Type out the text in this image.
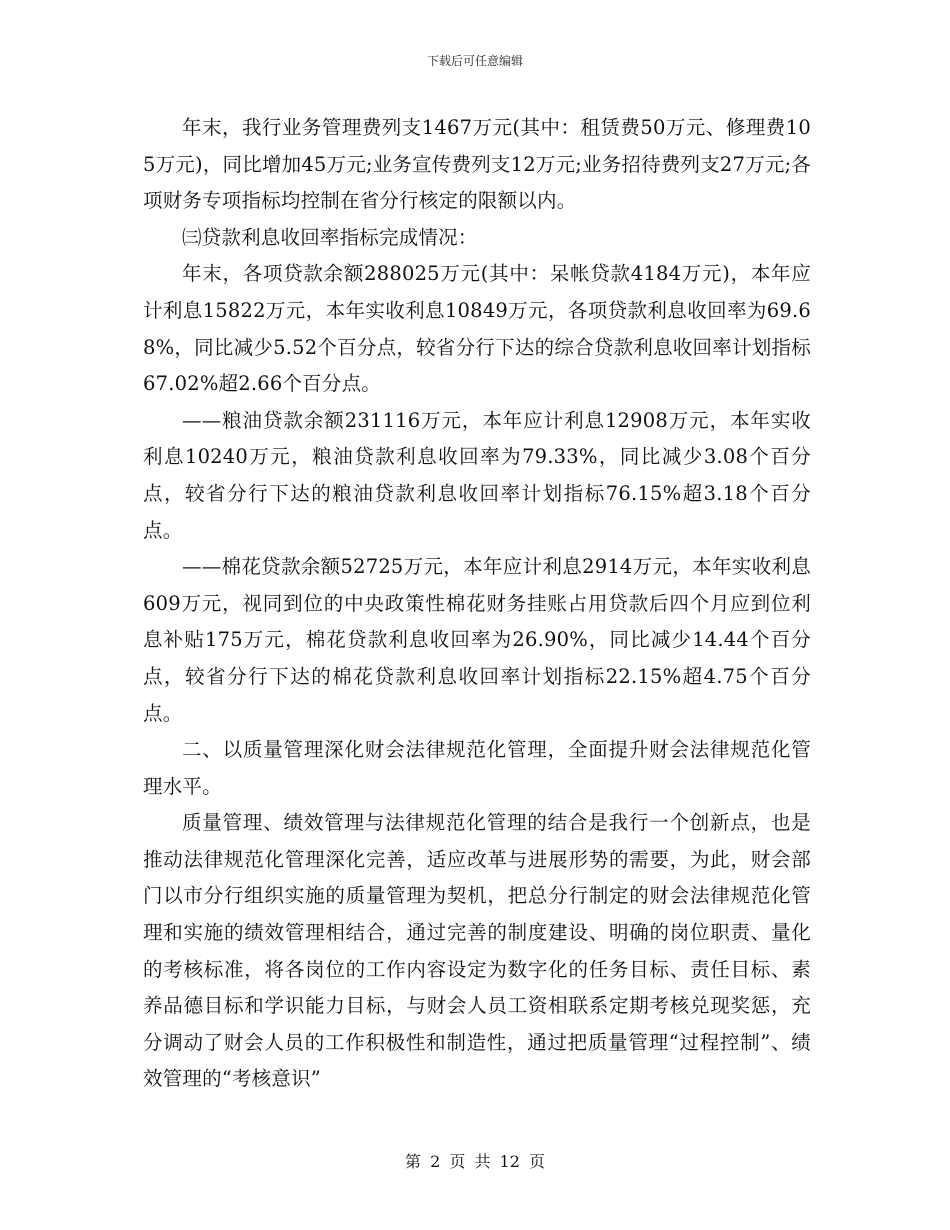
下载后可任意编辑

年末，我行业务管理费列支1467万元(其中：租赁费50万元、修理费105万元)，同比增加45万元;业务宣传费列支12万元;业务招待费列支27万元;各项财务专项指标均控制在省分行核定的限额以内。

㈢贷款利息收回率指标完成情况：

年末，各项贷款余额288025万元(其中：呆帐贷款4184万元)，本年应计利息15822万元，本年实收利息10849万元，各项贷款利息收回率为69.68%，同比减少5.52个百分点，较省分行下达的综合贷款利息收回率计划指标67.02%超2.66个百分点。

——粮油贷款余额231116万元，本年应计利息12908万元，本年实收利息10240万元，粮油贷款利息收回率为79.33%，同比减少3.08个百分点，较省分行下达的粮油贷款利息收回率计划指标76.15%超3.18个百分点。

——棉花贷款余额52725万元，本年应计利息2914万元，本年实收利息609万元，视同到位的中央政策性棉花财务挂账占用贷款后四个月应到位利息补贴175万元，棉花贷款利息收回率为26.90%，同比减少14.44个百分点，较省分行下达的棉花贷款利息收回率计划指标22.15%超4.75个百分点。

二、以质量管理深化财会法律规范化管理，全面提升财会法律规范化管理水平。

质量管理、绩效管理与法律规范化管理的结合是我行一个创新点，也是推动法律规范化管理深化完善，适应改革与进展形势的需要，为此，财会部门以市分行组织实施的质量管理为契机，把总分行制定的财会法律规范化管理和实施的绩效管理相结合，通过完善的制度建设、明确的岗位职责、量化的考核标准，将各岗位的工作内容设定为数字化的任务目标、责任目标、素养品德目标和学识能力目标，与财会人员工资相联系定期考核兑现奖惩，充分调动了财会人员的工作积极性和制造性，通过把质量管理“过程控制”、绩效管理的“考核意识”

第 2 页 共 12 页
